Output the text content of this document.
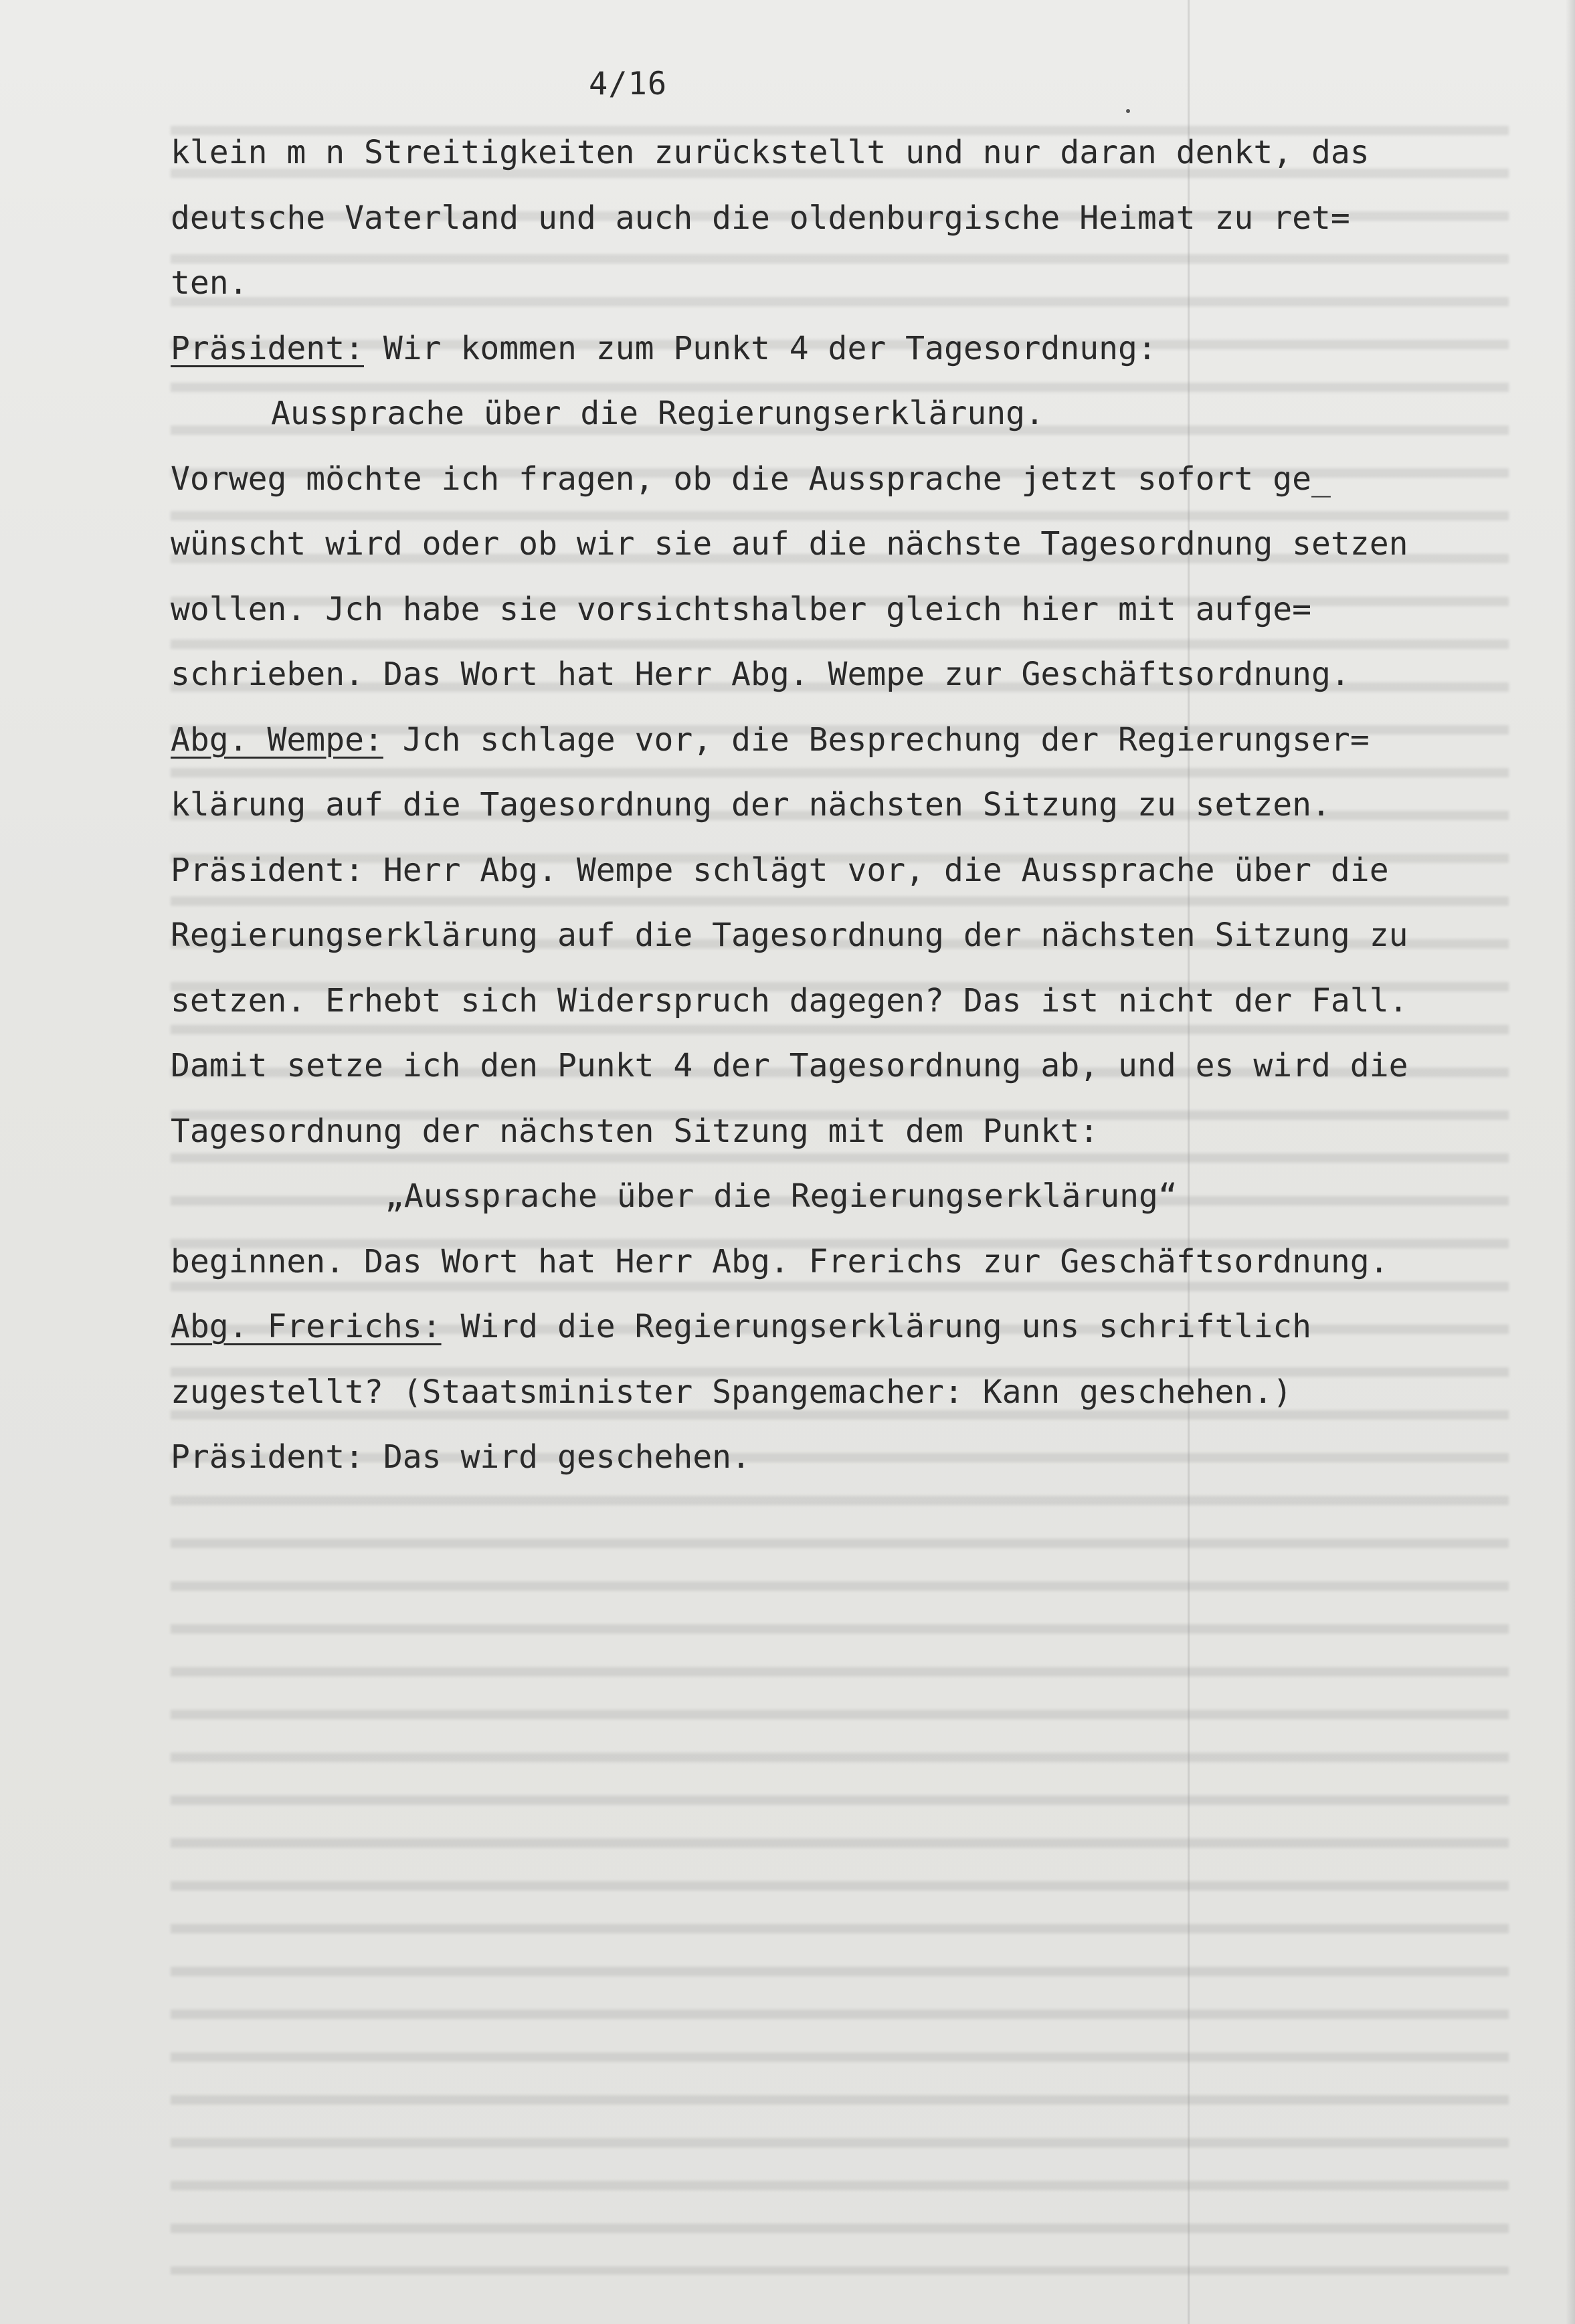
4/16
klein m n Streitigkeiten zurückstellt und nur daran denkt, das
deutsche Vaterland und auch die oldenburgische Heimat zu ret=
ten.
Präsident: Wir kommen zum Punkt 4 der Tagesordnung:
Aussprache über die Regierungserklärung.
Vorweg möchte ich fragen, ob die Aussprache jetzt sofort ge_
wünscht wird oder ob wir sie auf die nächste Tagesordnung setzen
wollen. Jch habe sie vorsichtshalber gleich hier mit aufge=
schrieben. Das Wort hat Herr Abg. Wempe zur Geschäftsordnung.
Abg. Wempe: Jch schlage vor, die Besprechung der Regierungser=
klärung auf die Tagesordnung der nächsten Sitzung zu setzen.
Präsident: Herr Abg. Wempe schlägt vor, die Aussprache über die
Regierungserklärung auf die Tagesordnung der nächsten Sitzung zu
setzen. Erhebt sich Widerspruch dagegen? Das ist nicht der Fall.
Damit setze ich den Punkt 4 der Tagesordnung ab, und es wird die
Tagesordnung der nächsten Sitzung mit dem Punkt:
„Aussprache über die Regierungserklärung“
beginnen. Das Wort hat Herr Abg. Frerichs zur Geschäftsordnung.
Abg. Frerichs: Wird die Regierungserklärung uns schriftlich
zugestellt? (Staatsminister Spangemacher: Kann geschehen.)
Präsident: Das wird geschehen.
